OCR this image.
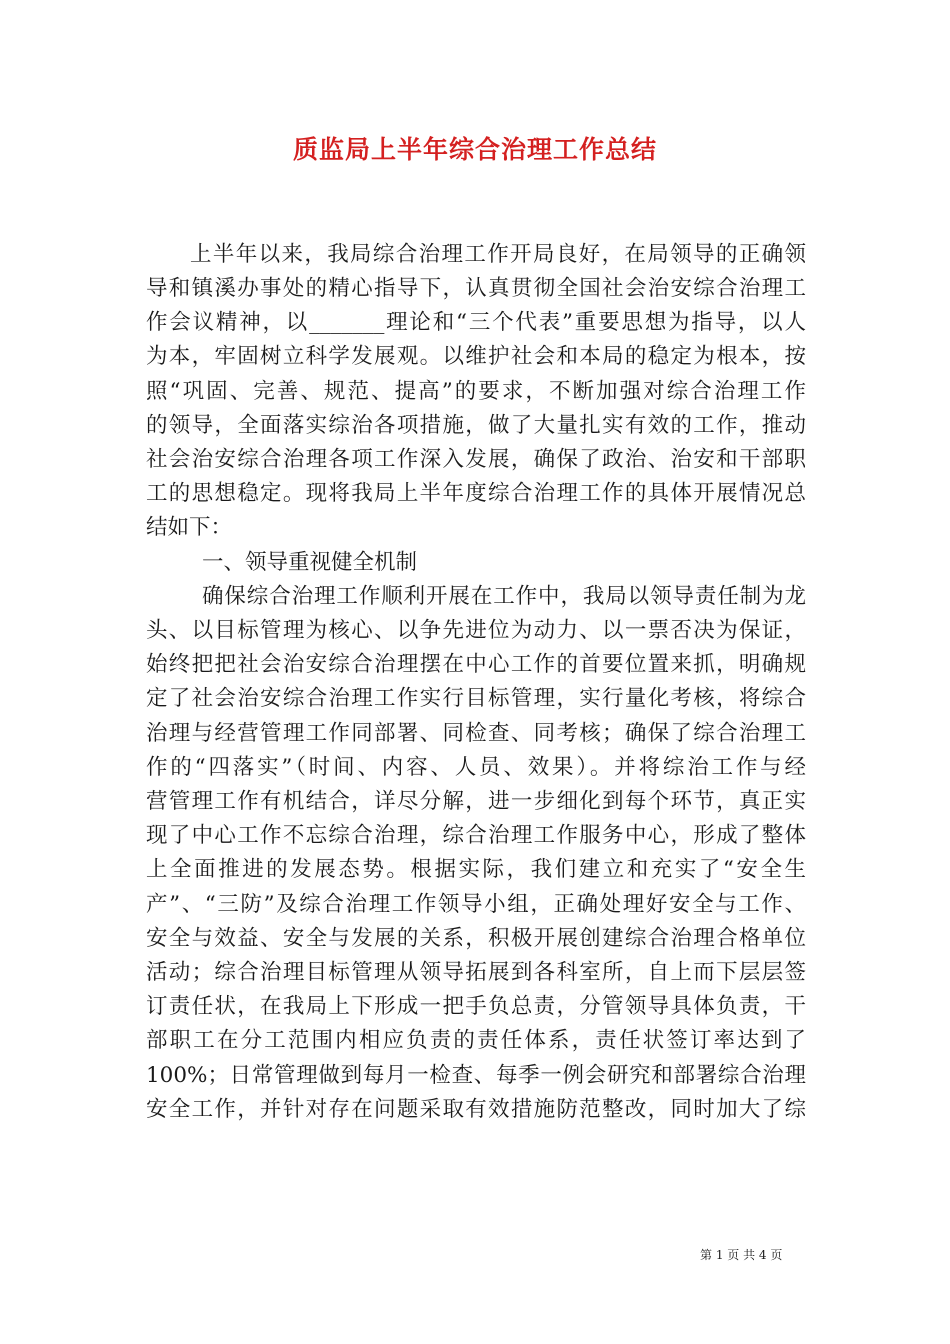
质监局上半年综合治理工作总结
上半年以来，我局综合治理工作开局良好，在局领导的正确领
导和镇溪办事处的精心指导下，认真贯彻全国社会治安综合治理工
作会议精神，以_______理论和“三个代表”重要思想为指导，以人
为本，牢固树立科学发展观。以维护社会和本局的稳定为根本，按
照“巩固、完善、规范、提高”的要求，不断加强对综合治理工作
的领导，全面落实综治各项措施，做了大量扎实有效的工作，推动
社会治安综合治理各项工作深入发展，确保了政治、治安和干部职
工的思想稳定。现将我局上半年度综合治理工作的具体开展情况总
结如下：
一、领导重视健全机制
确保综合治理工作顺利开展在工作中，我局以领导责任制为龙
头、以目标管理为核心、以争先进位为动力、以一票否决为保证，
始终把把社会治安综合治理摆在中心工作的首要位置来抓，明确规
定了社会治安综合治理工作实行目标管理，实行量化考核，将综合
治理与经营管理工作同部署、同检查、同考核；确保了综合治理工
作的“四落实”（时间、内容、人员、效果）。并将综治工作与经
营管理工作有机结合，详尽分解，进一步细化到每个环节，真正实
现了中心工作不忘综合治理，综合治理工作服务中心，形成了整体
上全面推进的发展态势。根据实际，我们建立和充实了“安全生
产”、“三防”及综合治理工作领导小组，正确处理好安全与工作、
安全与效益、安全与发展的关系，积极开展创建综合治理合格单位
活动；综合治理目标管理从领导拓展到各科室所，自上而下层层签
订责任状，在我局上下形成一把手负总责，分管领导具体负责，干
部职工在分工范围内相应负责的责任体系，责任状签订率达到了
100%；日常管理做到每月一检查、每季一例会研究和部署综合治理
安全工作，并针对存在问题采取有效措施防范整改，同时加大了综
第 1 页 共 4 页
